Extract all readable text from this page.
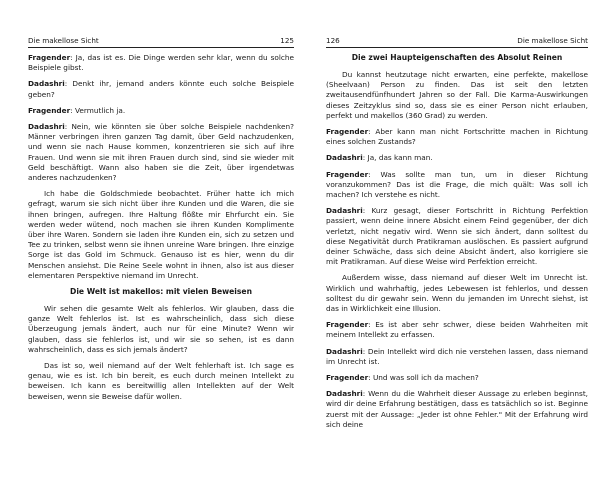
Die makellose Sicht	125

Fragender: Ja, das ist es. Die Dinge werden sehr klar, wenn du solche Beispiele gibst.

Dadashri: Denkt ihr, jemand anders könnte euch solche Beispiele geben?

Fragender: Vermutlich ja.

Dadashri: Nein, wie könnten sie über solche Beispiele nachdenken? Männer verbringen ihren ganzen Tag damit, über Geld nachzudenken, und wenn sie nach Hause kommen, konzentrieren sie sich auf ihre Frauen. Und wenn sie mit ihren Frauen durch sind, sind sie wieder mit Geld beschäftigt. Wann also haben sie die Zeit, über irgendetwas anderes nachzudenken?

Ich habe die Goldschmiede beobachtet. Früher hatte ich mich gefragt, warum sie sich nicht über ihre Kunden und die Waren, die sie ihnen bringen, aufregen. Ihre Haltung flößte mir Ehrfurcht ein. Sie werden weder wütend, noch machen sie ihren Kunden Komplimente über ihre Waren. Sondern sie laden ihre Kunden ein, sich zu setzen und Tee zu trinken, selbst wenn sie ihnen unreine Ware bringen. Ihre einzige Sorge ist das Gold im Schmuck. Genauso ist es hier, wenn du dir Menschen ansiehst. Die Reine Seele wohnt in ihnen, also ist aus dieser elementaren Perspektive niemand im Unrecht.

Die Welt ist makellos: mit vielen Beweisen

Wir sehen die gesamte Welt als fehlerlos. Wir glauben, dass die ganze Welt fehlerlos ist. Ist es wahrscheinlich, dass sich diese Überzeugung jemals ändert, auch nur für eine Minute? Wenn wir glauben, dass sie fehlerlos ist, und wir sie so sehen, ist es dann wahrscheinlich, dass es sich jemals ändert?

Das ist so, weil niemand auf der Welt fehlerhaft ist. Ich sage es genau, wie es ist. Ich bin bereit, es euch durch meinen Intellekt zu beweisen. Ich kann es bereitwillig allen Intellekten auf der Welt beweisen, wenn sie Beweise dafür wollen.

126	Die makellose Sicht
Die zwei Haupteigenschaften des Absolut Reinen

Du kannst heutzutage nicht erwarten, eine perfekte, makellose (Sheelvaan) Person zu finden. Das ist seit den letzten zweitausendfünfhundert Jahren so der Fall. Die Karma-Auswirkungen dieses Zeitzyklus sind so, dass sie es einer Person nicht erlauben, perfekt und makellos (360 Grad) zu werden.

Fragender: Aber kann man nicht Fortschritte machen in Richtung eines solchen Zustands?

Dadashri: Ja, das kann man.

Fragender: Was sollte man tun, um in dieser Richtung voranzukommen? Das ist die Frage, die mich quält: Was soll ich machen? Ich verstehe es nicht.

Dadashri: Kurz gesagt, dieser Fortschritt in Richtung Perfektion passiert, wenn deine innere Absicht einem Feind gegenüber, der dich verletzt, nicht negativ wird. Wenn sie sich ändert, dann solltest du diese Negativität durch Pratikraman auslöschen. Es passiert aufgrund deiner Schwäche, dass sich deine Absicht ändert, also korrigiere sie mit Pratikraman. Auf diese Weise wird Perfektion erreicht.

Außerdem wisse, dass niemand auf dieser Welt im Unrecht ist. Wirklich und wahrhaftig, jedes Lebewesen ist fehlerlos, und dessen solltest du dir gewahr sein. Wenn du jemanden im Unrecht siehst, ist das in Wirklichkeit eine Illusion.

Fragender: Es ist aber sehr schwer, diese beiden Wahrheiten mit meinem Intellekt zu erfassen.

Dadashri: Dein Intellekt wird dich nie verstehen lassen, dass niemand im Unrecht ist.

Fragender: Und was soll ich da machen?

Dadashri: Wenn du die Wahrheit dieser Aussage zu erleben beginnst, wird dir deine Erfahrung bestätigen, dass es tatsächlich so ist. Beginne zuerst mit der Aussage: „Jeder ist ohne Fehler." Mit der Erfahrung wird sich deine
